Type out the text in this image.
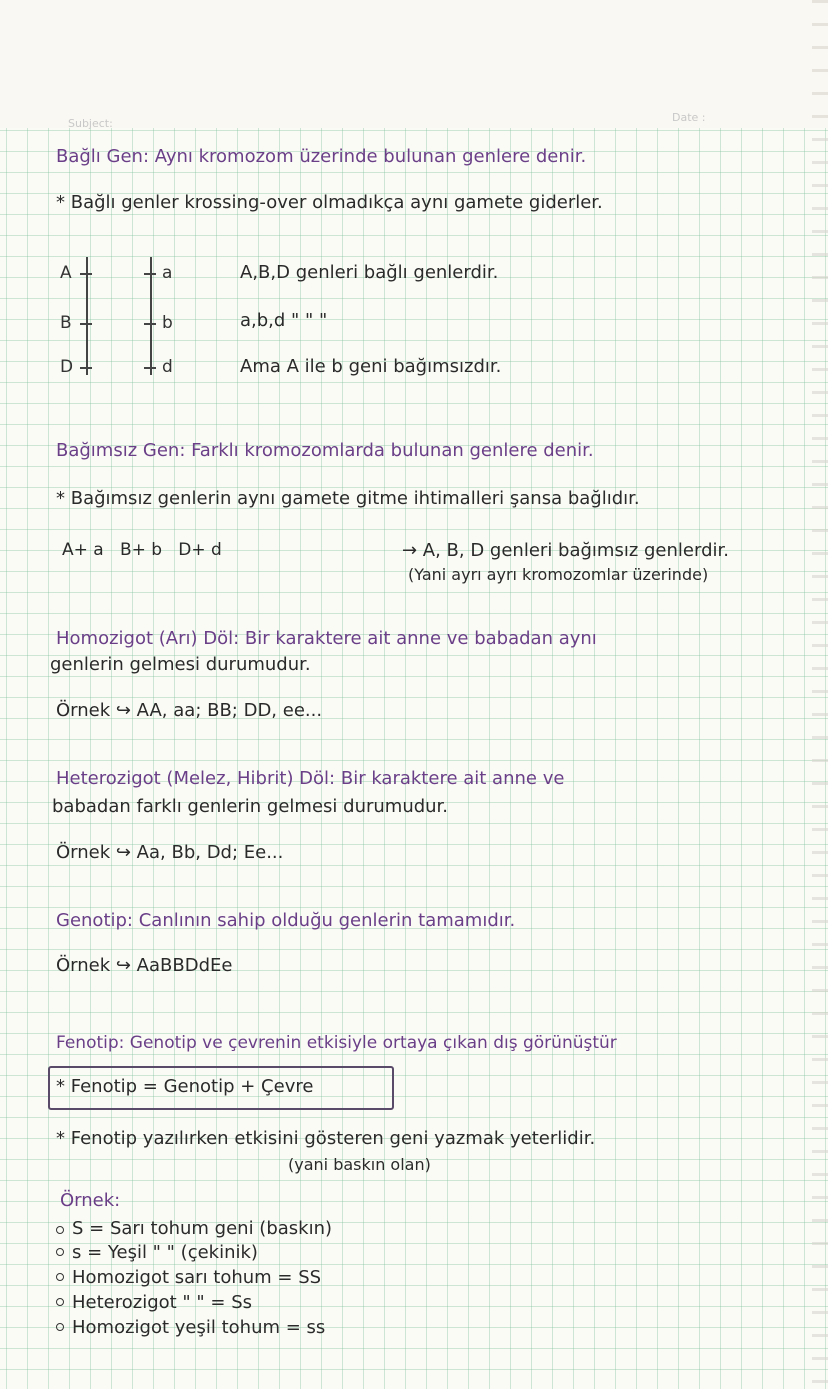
Subject:	Date :
Bağlı Gen: Aynı kromozom üzerinde bulunan genlere denir.
* Bağlı genler krossing-over olmadıkça aynı gamete giderler.
A
B
D
a
b
d
A,B,D genleri bağlı genlerdir.
a,b,d " " "
Ama A ile b geni bağımsızdır.
Bağımsız Gen: Farklı kromozomlarda bulunan genlere denir.
* Bağımsız genlerin aynı gamete gitme ihtimalleri şansa bağlıdır.
A+ a B+ b D+ d	→ A, B, D genleri bağımsız genlerdir.
(Yani ayrı ayrı kromozomlar üzerinde)
Homozigot (Arı) Döl: Bir karaktere ait anne ve babadan aynı
genlerin gelmesi durumudur.
Örnek ↪ AA, aa; BB; DD, ee...
Heterozigot (Melez, Hibrit) Döl: Bir karaktere ait anne ve
babadan farklı genlerin gelmesi durumudur.
Örnek ↪ Aa, Bb, Dd; Ee...
Genotip: Canlının sahip olduğu genlerin tamamıdır.
Örnek ↪ AaBBDdEe
Fenotip: Genotip ve çevrenin etkisiyle ortaya çıkan dış görünüştür
* Fenotip = Genotip + Çevre
* Fenotip yazılırken etkisini gösteren geni yazmak yeterlidir.
(yani baskın olan)
Örnek:
S = Sarı tohum geni (baskın)
s = Yeşil " " (çekinik)
Homozigot sarı tohum = SS
Heterozigot " " = Ss
Homozigot yeşil tohum = ss
